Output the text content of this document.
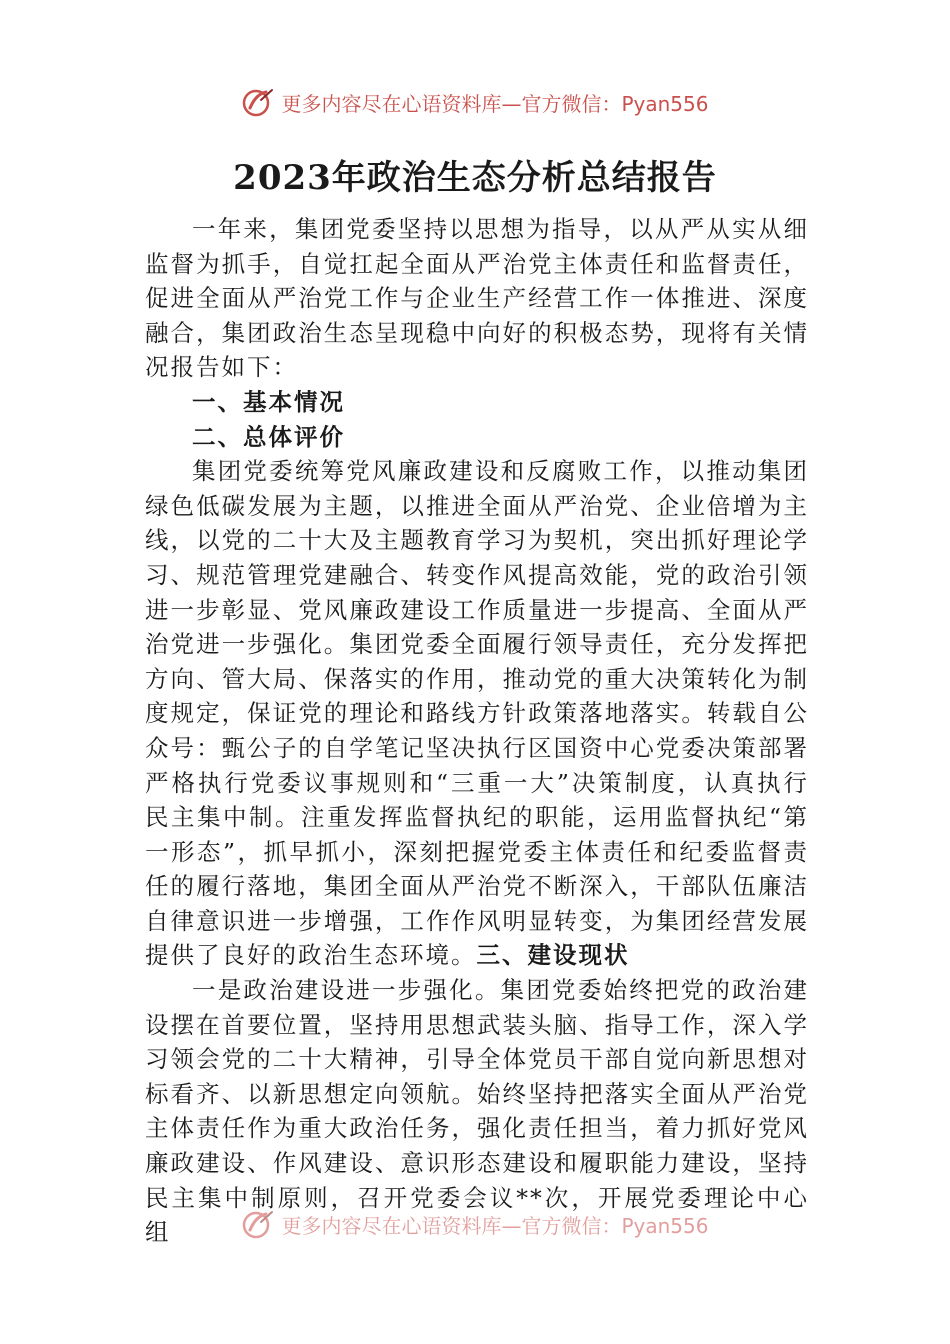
更多内容尽在心语资料库—官方微信：Pyan556
2023年政治生态分析总结报告

一年来，集团党委坚持以思想为指导，以从严从实从细监督为抓手，自觉扛起全面从严治党主体责任和监督责任，促进全面从严治党工作与企业生产经营工作一体推进、深度融合，集团政治生态呈现稳中向好的积极态势，现将有关情况报告如下：

一、基本情况

二、总体评价

集团党委统筹党风廉政建设和反腐败工作，以推动集团绿色低碳发展为主题，以推进全面从严治党、企业倍增为主线，以党的二十大及主题教育学习为契机，突出抓好理论学习、规范管理党建融合、转变作风提高效能，党的政治引领进一步彰显、党风廉政建设工作质量进一步提高、全面从严治党进一步强化。集团党委全面履行领导责任，充分发挥把方向、管大局、保落实的作用，推动党的重大决策转化为制度规定，保证党的理论和路线方针政策落地落实。转载自公众号：甄公子的自学笔记坚决执行区国资中心党委决策部署严格执行党委议事规则和“三重一大”决策制度，认真执行民主集中制。注重发挥监督执纪的职能，运用监督执纪“第一形态”，抓早抓小，深刻把握党委主体责任和纪委监督责任的履行落地，集团全面从严治党不断深入，干部队伍廉洁自律意识进一步增强，工作作风明显转变，为集团经营发展提供了良好的政治生态环境。三、建设现状

一是政治建设进一步强化。集团党委始终把党的政治建设摆在首要位置，坚持用思想武装头脑、指导工作，深入学习领会党的二十大精神，引导全体党员干部自觉向新思想对标看齐、以新思想定向领航。始终坚持把落实全面从严治党主体责任作为重大政治任务，强化责任担当，着力抓好党风廉政建设、作风建设、意识形态建设和履职能力建设，坚持民主集中制原则，召开党委会议**次，开展党委理论中心组	更多内容尽在心语资料库—官方微信：Pyan556
